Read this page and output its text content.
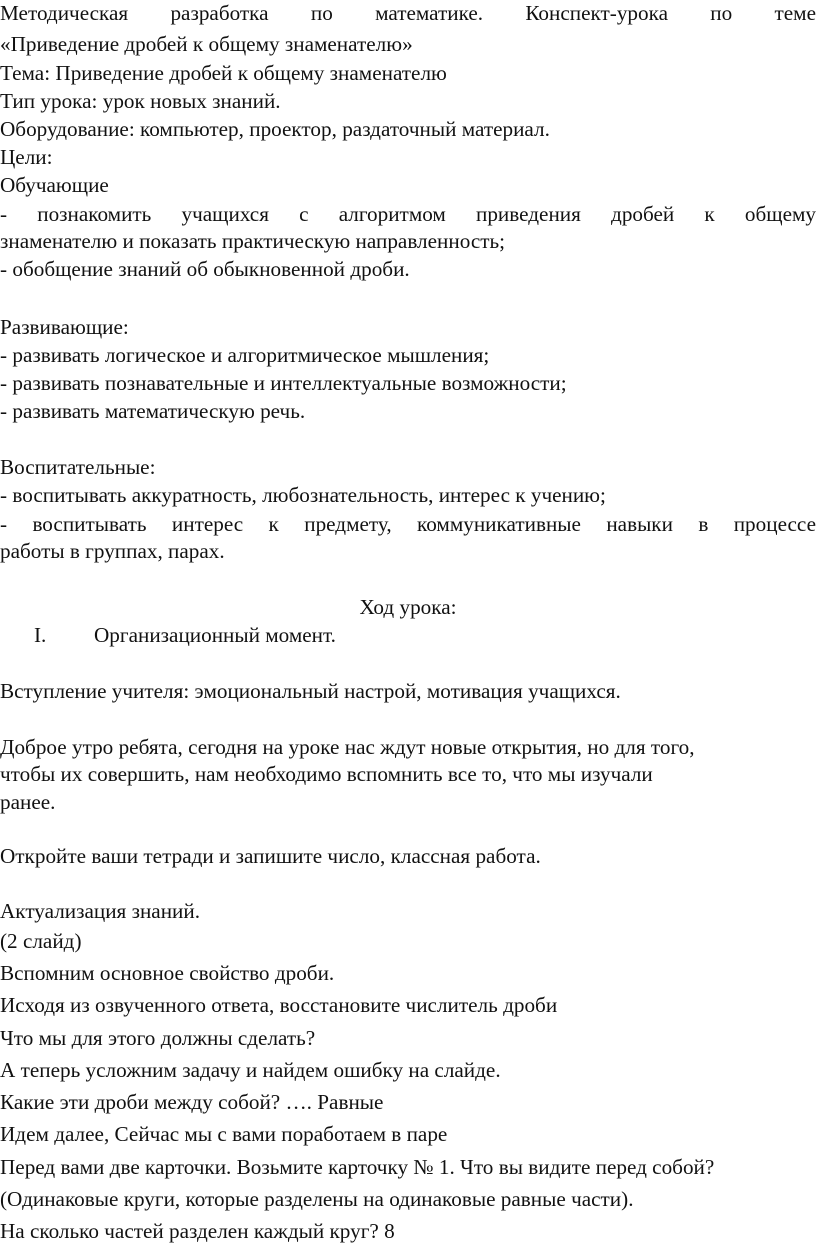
Методическая разработка по математике. Конспект-урока по теме
«Приведение дробей к общему знаменателю»
Тема: Приведение дробей к общему знаменателю
Тип урока: урок новых знаний.
Оборудование: компьютер, проектор, раздаточный материал.
Цели:
Обучающие
- познакомить учащихся с алгоритмом приведения дробей к общему
знаменателю и показать практическую направленность;
- обобщение знаний об обыкновенной дроби.
Развивающие:
- развивать логическое и алгоритмическое мышления;
- развивать познавательные и интеллектуальные возможности;
- развивать математическую речь.
Воспитательные:
- воспитывать аккуратность, любознательность, интерес к учению;
- воспитывать интерес к предмету, коммуникативные навыки в процессе
работы в группах, парах.
Ход урока:
I. Организационный момент.
Вступление учителя: эмоциональный настрой, мотивация учащихся.
Доброе утро ребята, сегодня на уроке нас ждут новые открытия, но для того,
чтобы их совершить, нам необходимо вспомнить все то, что мы изучали
ранее.
Откройте ваши тетради и запишите число, классная работа.
Актуализация знаний.
(2 слайд)
Вспомним основное свойство дроби.
Исходя из озвученного ответа, восстановите числитель дроби
Что мы для этого должны сделать?
А теперь усложним задачу и найдем ошибку на слайде.
Какие эти дроби между собой? …. Равные
Идем далее, Сейчас мы с вами поработаем в паре
Перед вами две карточки. Возьмите карточку № 1. Что вы видите перед собой?
(Одинаковые круги, которые разделены на одинаковые равные части).
На сколько частей разделен каждый круг? 8
